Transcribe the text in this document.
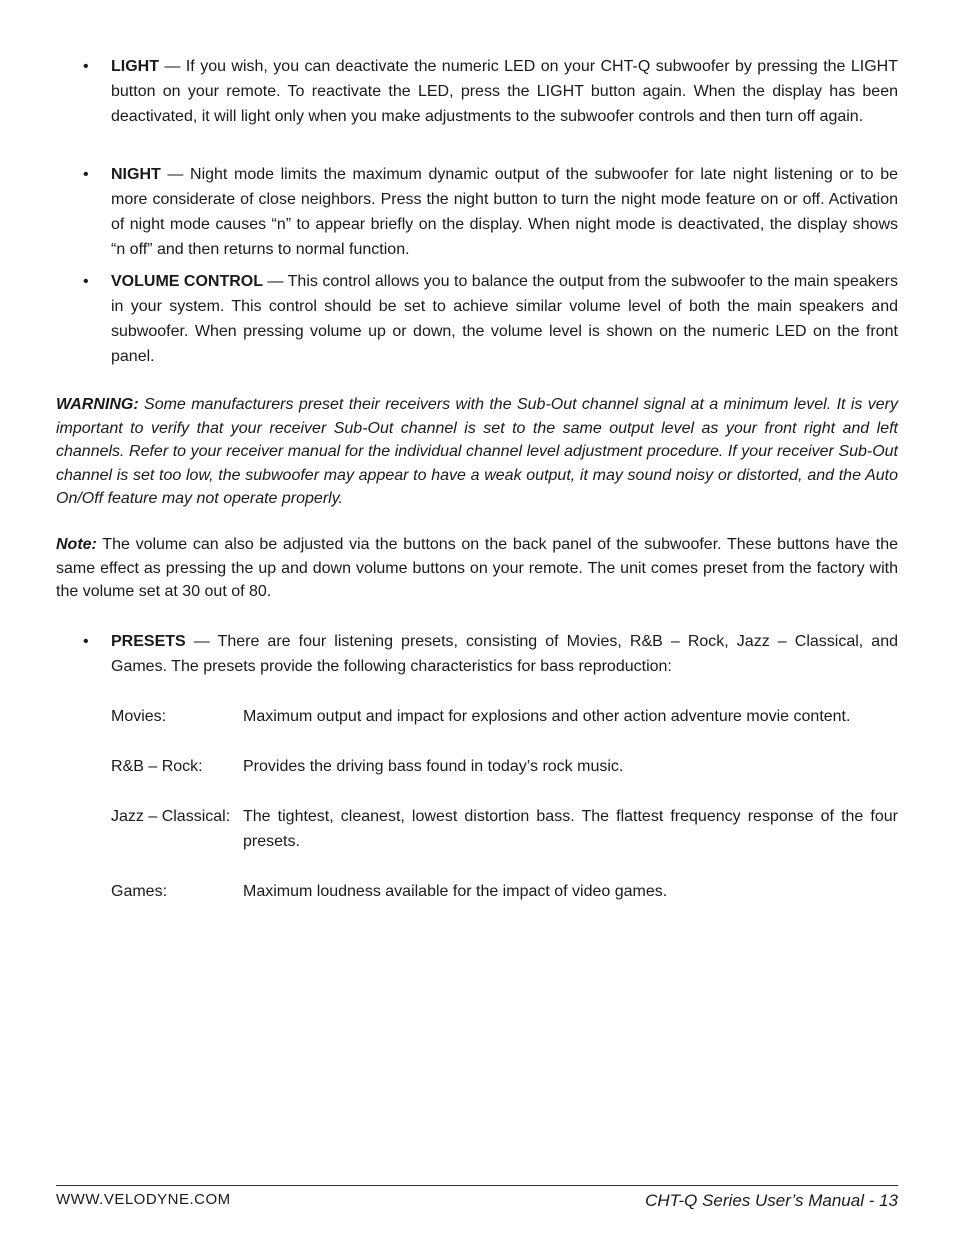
• LIGHT — If you wish, you can deactivate the numeric LED on your CHT-Q subwoofer by pressing the LIGHT button on your remote. To reactivate the LED, press the LIGHT button again. When the display has been deactivated, it will light only when you make adjustments to the subwoofer controls and then turn off again.
• NIGHT — Night mode limits the maximum dynamic output of the subwoofer for late night listening or to be more considerate of close neighbors. Press the night button to turn the night mode feature on or off. Activation of night mode causes “n” to appear briefly on the display. When night mode is deactivated, the display shows “n off” and then returns to normal function.
• VOLUME CONTROL — This control allows you to balance the output from the subwoofer to the main speakers in your system. This control should be set to achieve similar volume level of both the main speakers and subwoofer. When pressing volume up or down, the volume level is shown on the numeric LED on the front panel.
WARNING: Some manufacturers preset their receivers with the Sub-Out channel signal at a minimum level. It is very important to verify that your receiver Sub-Out channel is set to the same output level as your front right and left channels. Refer to your receiver manual for the individual channel level adjustment procedure. If your receiver Sub-Out channel is set too low, the subwoofer may appear to have a weak output, it may sound noisy or distorted, and the Auto On/Off feature may not operate properly.
Note: The volume can also be adjusted via the buttons on the back panel of the subwoofer. These buttons have the same effect as pressing the up and down volume buttons on your remote. The unit comes preset from the factory with the volume set at 30 out of 80.
• PRESETS — There are four listening presets, consisting of Movies, R&B – Rock, Jazz – Classical, and Games. The presets provide the following characteristics for bass reproduction:
Movies:	Maximum output and impact for explosions and other action adventure movie content.
R&B – Rock:	Provides the driving bass found in today’s rock music.
Jazz – Classical: The tightest, cleanest, lowest distortion bass. The flattest frequency response of the four presets.
Games:	Maximum loudness available for the impact of video games.
WWW.VELODYNE.COM	CHT-Q Series User’s Manual - 13
